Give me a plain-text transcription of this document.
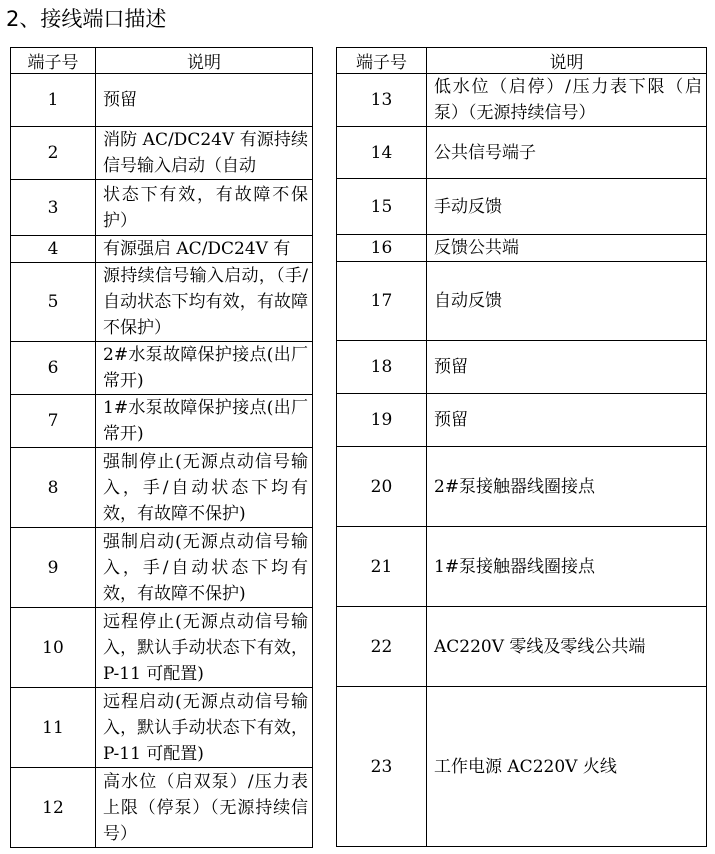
2、接线端口描述
端子号	说明
1	预留
2	消防 AC/DC24V 有源持续信号输入启动（自动
3	状态下有效，有故障不保护）
4	有源强启 AC/DC24V 有
5	源持续信号输入启动，（手/自动状态下均有效，有故障不保护）
6	2#水泵故障保护接点(出厂常开)
7	1#水泵故障保护接点(出厂常开)
8	强制停止(无源点动信号输入，手/自动状态下均有效，有故障不保护)
9	强制启动(无源点动信号输入，手/自动状态下均有效，有故障不保护)
10	远程停止(无源点动信号输入，默认手动状态下有效，P-11 可配置)
11	远程启动(无源点动信号输入，默认手动状态下有效，P-11 可配置)
12	高水位（启双泵）/压力表上限（停泵）（无源持续信号）
端子号	说明
13	低水位（启停）/压力表下限（启泵）（无源持续信号）
14	公共信号端子
15	手动反馈
16	反馈公共端
17	自动反馈
18	预留
19	预留
20	2#泵接触器线圈接点
21	1#泵接触器线圈接点
22	AC220V 零线及零线公共端
23	工作电源 AC220V 火线
